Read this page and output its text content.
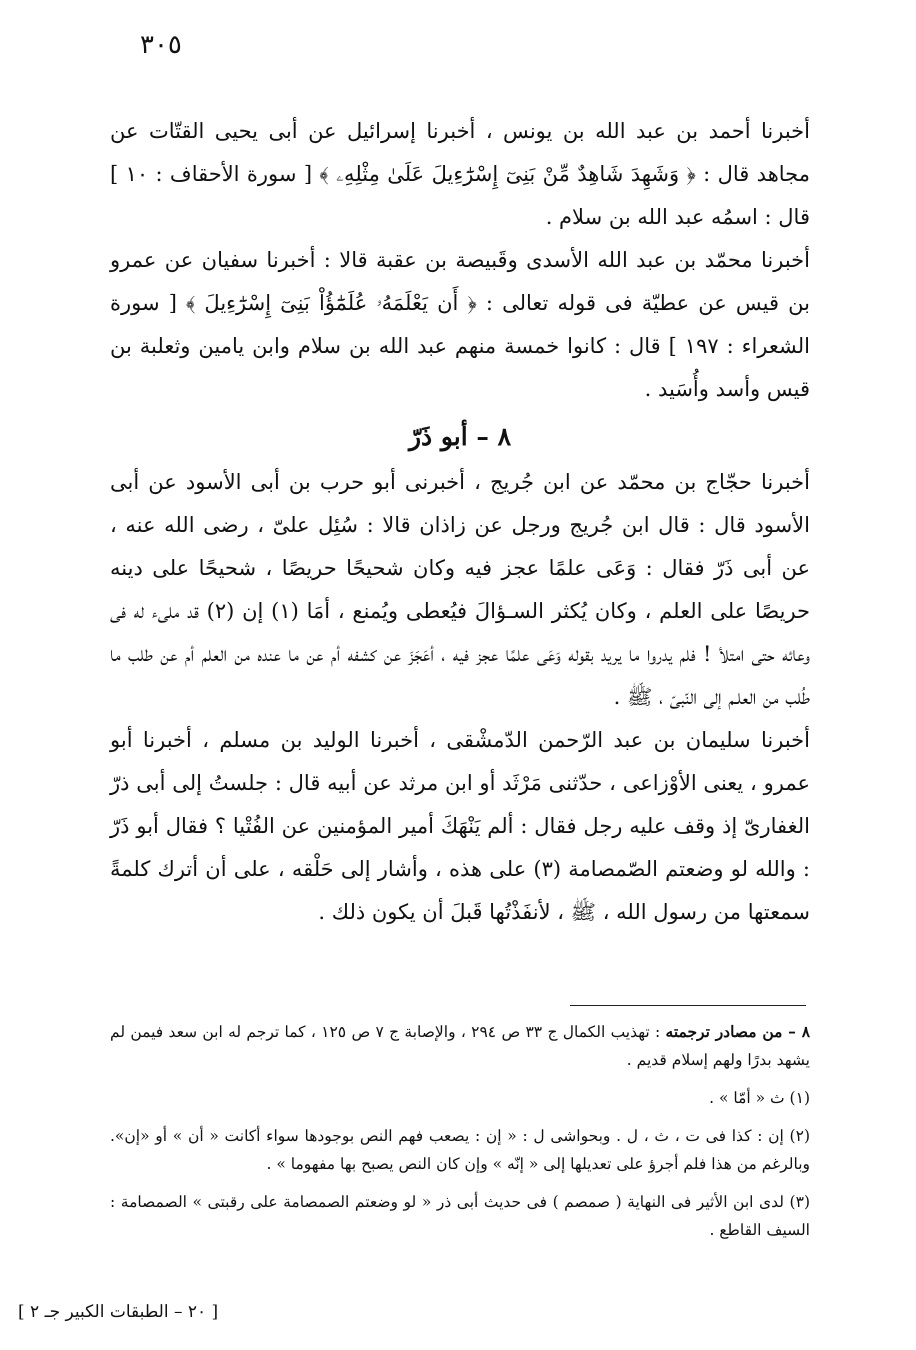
٣٠٥

أخبرنا أحمد بن عبد الله بن يونس ، أخبرنا إسرائيل عن أبى يحيى القتّات عن مجاهد قال : ﴿ وَشَهِدَ شَاهِدٌ مِّنْ بَنِىٓ إِسْرَٰٓءِيلَ عَلَىٰ مِثْلِهِۦ ﴾ [ سورة الأحقاف : ١٠ ] قال : اسمُه عبد الله بن سلام .

أخبرنا محمّد بن عبد الله الأسدى وقَبيصة بن عقبة قالا : أخبرنا سفيان عن عمرو بن قيس عن عطيّة فى قوله تعالى : ﴿ أَن يَعْلَمَهُۥ عُلَمَٰٓؤُاْ بَنِىٓ إِسْرَٰٓءِيلَ ﴾ [ سورة الشعراء : ١٩٧ ] قال : كانوا خمسة منهم عبد الله بن سلام وابن يامين وثعلبة بن قيس وأسد وأُسَيد .

٨ – أبو ذَرّ

أخبرنا حجّاج بن محمّد عن ابن جُريج ، أخبرنى أبو حرب بن أبى الأسود عن أبى الأسود قال : قال ابن جُريج ورجل عن زاذان قالا : سُئِل علىّ ، رضى الله عنه ، عن أبى ذَرّ فقال : وَعَى علمًا عجز فيه وكان شحيحًا حريصًا ، شحيحًا على دينه حريصًا على العلم ، وكان يُكثر السـؤالَ فيُعطى ويُمنع ، أمَا (١) إن (٢) قد ملىء له فى وعائه حتى امتلأ ! فلم يدروا ما يريد بقوله وَعَى علمًا عجز فيه ، أعَجَزَ عن كشفه أم عن ما عنده من العلم أم عن طلب ما طُلب من العلـم إلى النّبىّ ، ﷺ .

أخبرنا سليمان بن عبد الرّحمن الدّمشْقى ، أخبرنا الوليد بن مسلم ، أخبرنا أبو عمرو ، يعنى الأوْزاعى ، حدّثنى مَرْثَد أو ابن مرثد عن أبيه قال : جلستُ إلى أبى ذرّ الغفارىّ إذ وقف عليه رجل فقال : ألم يَنْهَكَ أمير المؤمنين عن الفُتْيا ؟ فقال أبو ذَرّ : والله لو وضعتم الصّمصامة (٣) على هذه ، وأشار إلى حَلْقه ، على أن أترك كلمةً سمعتها من رسول الله ، ﷺ ، لأنفَذْتُها قَبلَ أن يكون ذلك .

٨ – من مصادر ترجمته : تهذيب الكمال ج ٣٣ ص ٢٩٤ ، والإصابة ج ٧ ص ١٢٥ ، كما ترجم له ابن سعد فيمن لم يشهد بدرًا ولهم إسلام قديم .

(١) ث « أمّا » .

(٢) إن : كذا فى ت ، ث ، ل . وبحواشى ل : « إن : يصعب فهم النص بوجودها سواء أكانت « أن » أو «إن». وبالرغم من هذا فلم أجرؤ على تعديلها إلى « إنّه » وإن كان النص يصبح بها مفهوما » .

(٣) لدى ابن الأثير فى النهاية ( صمصم ) فى حديث أبى ذر « لو وضعتم الصمصامة على رقبتى » الصمصامة : السيف القاطع .

[ ٢٠ – الطبقات الكبير جـ ٢ ]
